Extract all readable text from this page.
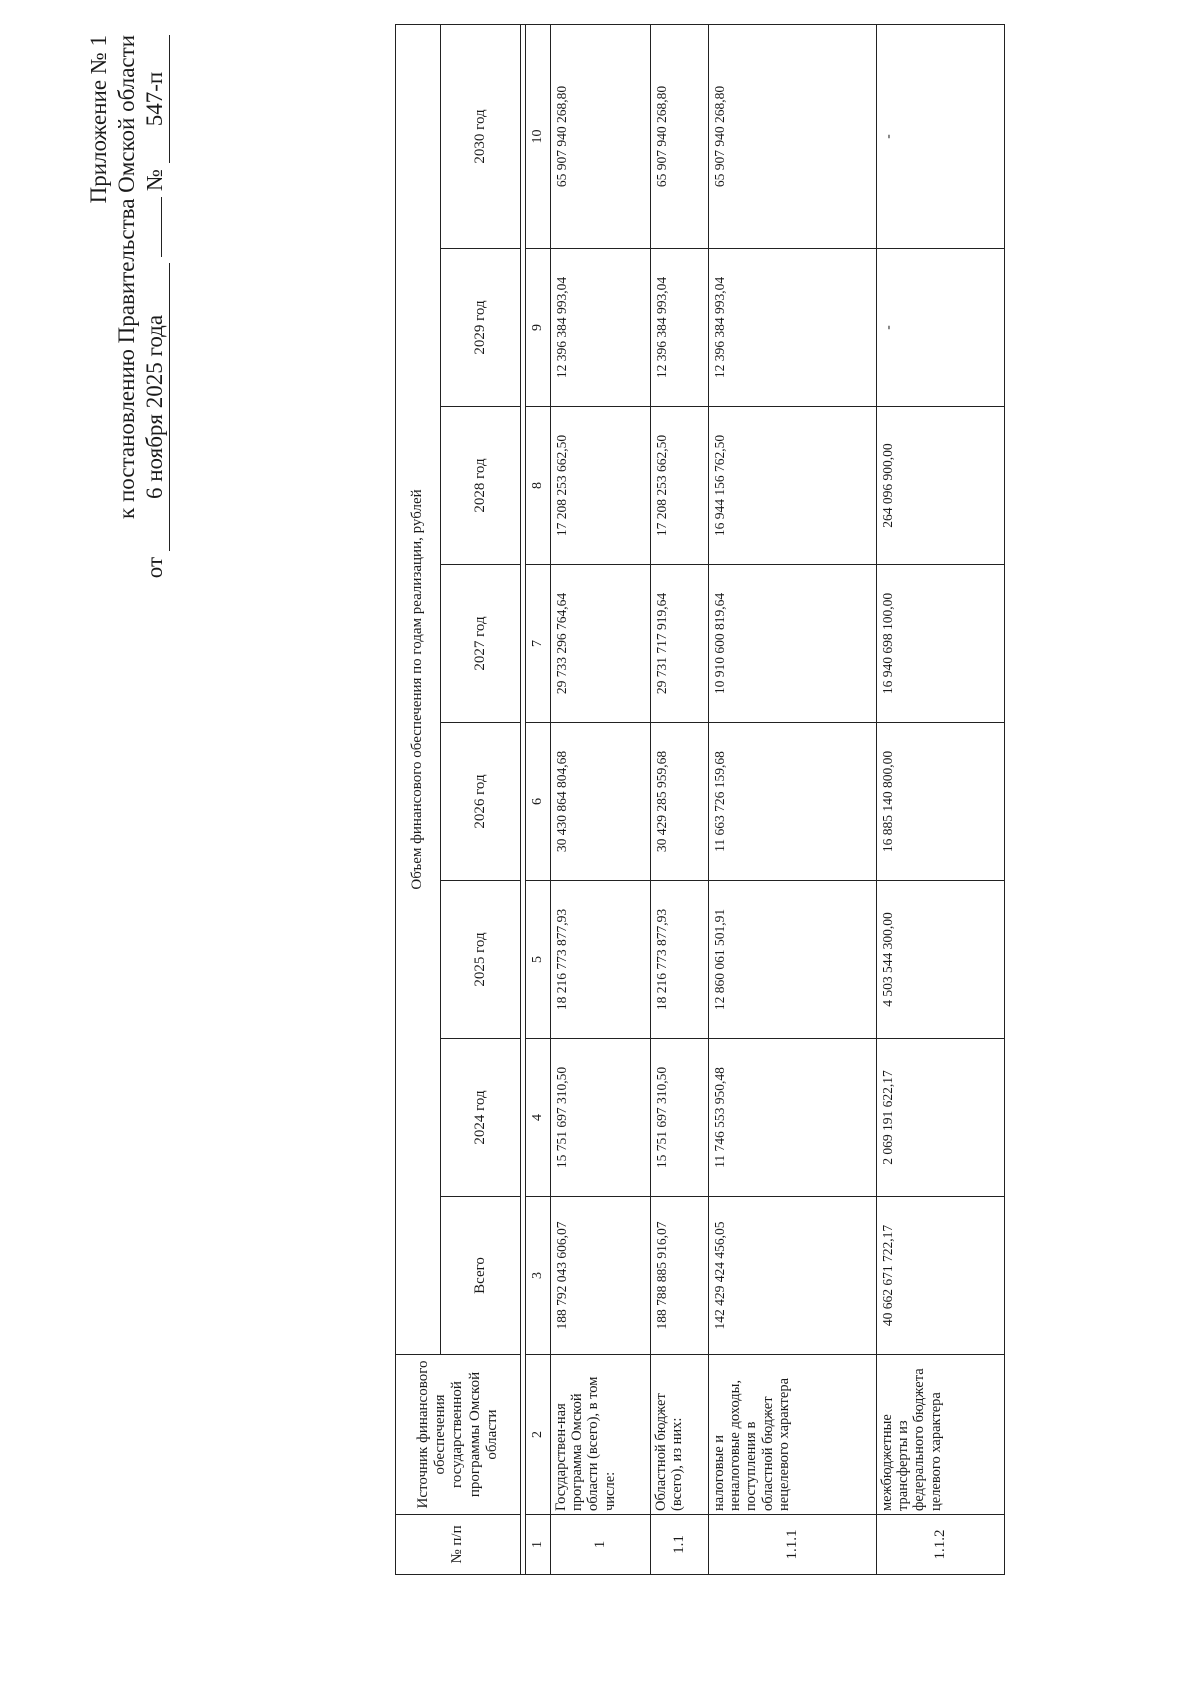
Приложение № 1 к постановлению Правительства Омской области
от
6 ноября 2025 года
№
547-п
№ п/п	Источник финансового обеспечения государственной программы Омской области	Объем финансового обеспечения по годам реализации, рублей							
		Всего	2024 год	2025 год	2026 год	2027 год	2028 год	2029 год	2030 год

1	2	3	4	5	6	7	8	9	10
1	Государствен-ная программа Омской области (всего), в том числе:	188 792 043 606,07	15 751 697 310,50	18 216 773 877,93	30 430 864 804,68	29 733 296 764,64	17 208 253 662,50	12 396 384 993,04	65 907 940 268,80
1.1	Областной бюджет (всего), из них:	188 788 885 916,07	15 751 697 310,50	18 216 773 877,93	30 429 285 959,68	29 731 717 919,64	17 208 253 662,50	12 396 384 993,04	65 907 940 268,80
1.1.1	налоговые и неналоговые доходы, поступления в областной бюджет нецелевого характера	142 429 424 456,05	11 746 553 950,48	12 860 061 501,91	11 663 726 159,68	10 910 600 819,64	16 944 156 762,50	12 396 384 993,04	65 907 940 268,80
1.1.2	межбюджетные трансферты из федерального бюджета целевого характера	40 662 671 722,17	2 069 191 622,17	4 503 544 300,00	16 885 140 800,00	16 940 698 100,00	264 096 900,00	-	-
